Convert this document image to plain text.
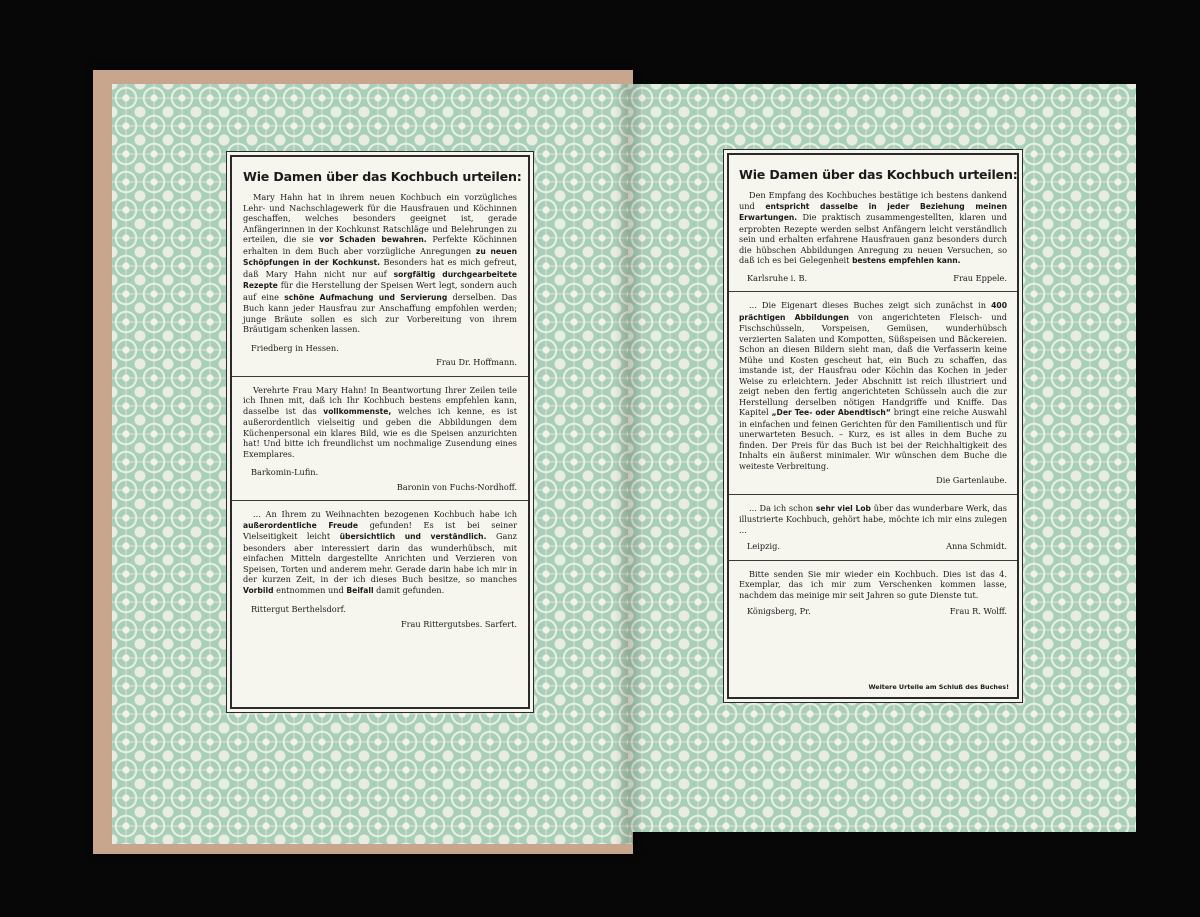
Wie Damen über das Kochbuch urteilen:

Mary Hahn hat in ihrem neuen Kochbuch ein vorzügliches Lehr- und Nachschlagewerk für die Hausfrauen und Köchinnen geschaffen, welches besonders geeignet ist, gerade Anfängerinnen in der Kochkunst Ratschläge und Belehrungen zu erteilen, die sie vor Schaden bewahren. Perfekte Köchinnen erhalten in dem Buch aber vorzügliche Anregungen zu neuen Schöpfungen in der Kochkunst. Besonders hat es mich gefreut, daß Mary Hahn nicht nur auf sorgfältig durchgearbeitete Rezepte für die Herstellung der Speisen Wert legt, sondern auch auf eine schöne Aufmachung und Servierung derselben. Das Buch kann jeder Hausfrau zur Anschaffung empfohlen werden; junge Bräute sollen es sich zur Vorbereitung von ihrem Bräutigam schenken lassen.

Friedberg in Hessen.
Frau Dr. Hoffmann.

Verehrte Frau Mary Hahn! In Beantwortung Ihrer Zeilen teile ich Ihnen mit, daß ich Ihr Kochbuch bestens empfehlen kann, dasselbe ist das vollkommenste, welches ich kenne, es ist außerordentlich vielseitig und geben die Abbildungen dem Küchenpersonal ein klares Bild, wie es die Speisen anzurichten hat! Und bitte ich freundlichst um nochmalige Zusendung eines Exemplares.

Barkomin-Lufin.
Baronin von Fuchs-Nordhoff.

... An Ihrem zu Weihnachten bezogenen Kochbuch habe ich außerordentliche Freude gefunden! Es ist bei seiner Vielseitigkeit leicht übersichtlich und verständlich. Ganz besonders aber interessiert darin das wunderhübsch, mit einfachen Mitteln dargestellte Anrichten und Verzieren von Speisen, Torten und anderem mehr. Gerade darin habe ich mir in der kurzen Zeit, in der ich dieses Buch besitze, so manches Vorbild entnommen und Beifall damit gefunden.

Rittergut Berthelsdorf.
Frau Rittergutsbes. Sarfert.
Wie Damen über das Kochbuch urteilen:

Den Empfang des Kochbuches bestätige ich bestens dankend und entspricht dasselbe in jeder Beziehung meinen Erwartungen. Die praktisch zusammengestellten, klaren und erprobten Rezepte werden selbst Anfängern leicht verständlich sein und erhalten erfahrene Hausfrauen ganz besonders durch die hübschen Abbildungen Anregung zu neuen Versuchen, so daß ich es bei Gelegenheit bestens empfehlen kann.

Karlsruhe i. B.	Frau Eppele.

... Die Eigenart dieses Buches zeigt sich zunächst in 400 prächtigen Abbildungen von angerichteten Fleisch- und Fischschüsseln, Vorspeisen, Gemüsen, wunderhübsch verzierten Salaten und Kompotten, Süßspeisen und Bäckereien. Schon an diesen Bildern sieht man, daß die Verfasserin keine Mühe und Kosten gescheut hat, ein Buch zu schaffen, das imstande ist, der Hausfrau oder Köchin das Kochen in jeder Weise zu erleichtern. Jeder Abschnitt ist reich illustriert und zeigt neben den fertig angerichteten Schüsseln auch die zur Herstellung derselben nötigen Handgriffe und Kniffe. Das Kapitel „Der Tee- oder Abendtisch“ bringt eine reiche Auswahl in einfachen und feinen Gerichten für den Familientisch und für unerwarteten Besuch. – Kurz, es ist alles in dem Buche zu finden. Der Preis für das Buch ist bei der Reichhaltigkeit des Inhalts ein äußerst minimaler. Wir wünschen dem Buche die weiteste Verbreitung.

Die Gartenlaube.

... Da ich schon sehr viel Lob über das wunderbare Werk, das illustrierte Kochbuch, gehört habe, möchte ich mir eins zulegen ...

Leipzig.	Anna Schmidt.

Bitte senden Sie mir wieder ein Kochbuch. Dies ist das 4. Exemplar, das ich mir zum Verschenken kommen lasse, nachdem das meinige mir seit Jahren so gute Dienste tut.

Königsberg, Pr.	Frau R. Wolff.
Weitere Urteile am Schluß des Buches!
